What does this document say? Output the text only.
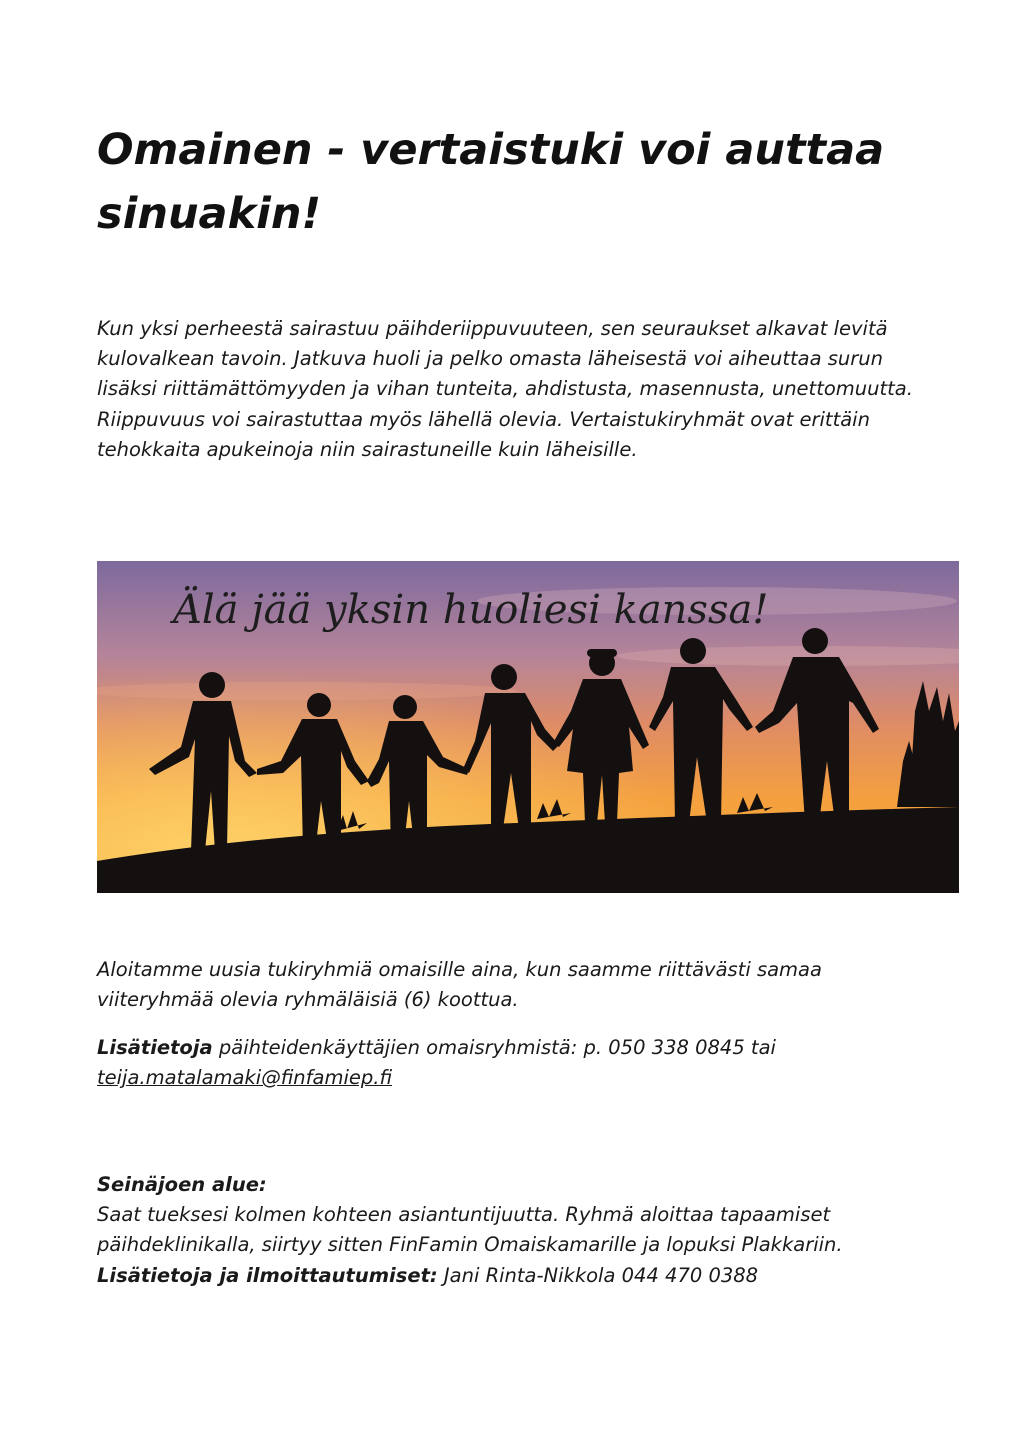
Omainen - vertaistuki voi auttaa sinuakin!

Kun yksi perheestä sairastuu päihderiippuvuuteen, sen seuraukset alkavat levitä kulovalkean tavoin. Jatkuva huoli ja pelko omasta läheisestä voi aiheuttaa surun lisäksi riittämättömyyden ja vihan tunteita, ahdistusta, masennusta, unettomuutta. Riippuvuus voi sairastuttaa myös lähellä olevia. Vertaistukiryhmät ovat erittäin tehokkaita apukeinoja niin sairastuneille kuin läheisille.

Älä jää yksin huoliesi kanssa!

Aloitamme uusia tukiryhmiä omaisille aina, kun saamme riittävästi samaa viiteryhmää olevia ryhmäläisiä (6) koottua.

Lisätietoja päihteidenkäyttäjien omaisryhmistä: p. 050 338 0845 tai teija.matalamaki@finfamiep.fi

Seinäjoen alue:
Saat tueksesi kolmen kohteen asiantuntijuutta. Ryhmä aloittaa tapaamiset päihdeklinikalla, siirtyy sitten FinFamin Omaiskamarille ja lopuksi Plakkariin.
Lisätietoja ja ilmoittautumiset: Jani Rinta-Nikkola 044 470 0388
